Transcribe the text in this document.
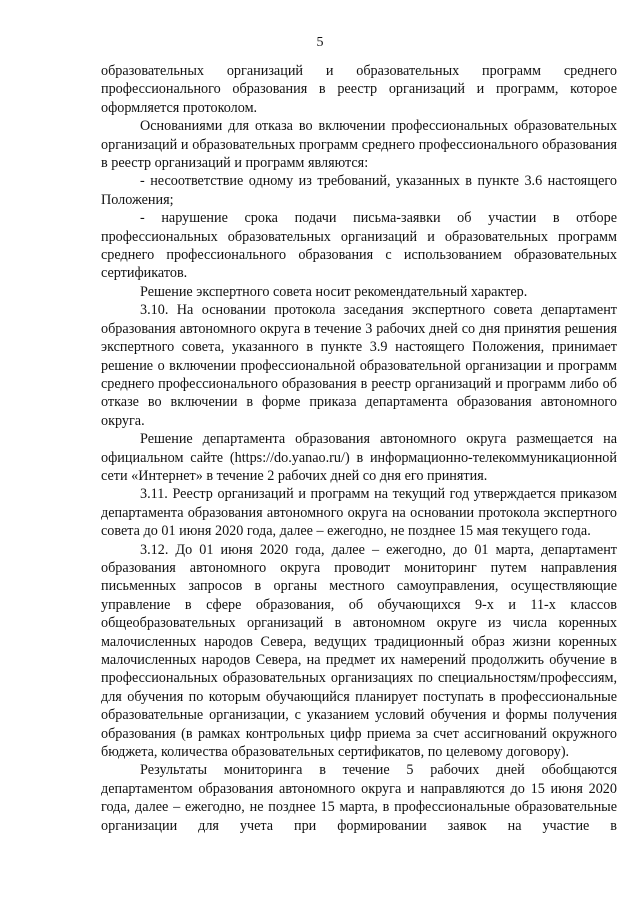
5

образовательных организаций и образовательных программ среднего профессионального образования в реестр организаций и программ, которое оформляется протоколом.

Основаниями для отказа во включении профессиональных образовательных организаций и образовательных программ среднего профессионального образования в реестр организаций и программ являются:

- несоответствие одному из требований, указанных в пункте 3.6 настоящего Положения;

- нарушение срока подачи письма-заявки об участии в отборе профессиональных образовательных организаций и образовательных программ среднего профессионального образования с использованием образовательных сертификатов.

Решение экспертного совета носит рекомендательный характер.

3.10. На основании протокола заседания экспертного совета департамент образования автономного округа в течение 3 рабочих дней со дня принятия решения экспертного совета, указанного в пункте 3.9 настоящего Положения, принимает решение о включении профессиональной образовательной организации и программ среднего профессионального образования в реестр организаций и программ либо об отказе во включении в форме приказа департамента образования автономного округа.

Решение департамента образования автономного округа размещается на официальном сайте (https://do.yanao.ru/) в информационно-телекоммуникационной сети «Интернет» в течение 2 рабочих дней со дня его принятия.

3.11. Реестр организаций и программ на текущий год утверждается приказом департамента образования автономного округа на основании протокола экспертного совета до 01 июня 2020 года, далее – ежегодно, не позднее 15 мая текущего года.

3.12. До 01 июня 2020 года, далее – ежегодно, до 01 марта, департамент образования автономного округа проводит мониторинг путем направления письменных запросов в органы местного самоуправления, осуществляющие управление в сфере образования, об обучающихся 9-х и 11-х классов общеобразовательных организаций в автономном округе из числа коренных малочисленных народов Севера, ведущих традиционный образ жизни коренных малочисленных народов Севера, на предмет их намерений продолжить обучение в профессиональных образовательных организациях по специальностям/профессиям, для обучения по которым обучающийся планирует поступать в профессиональные образовательные организации, с указанием условий обучения и формы получения образования (в рамках контрольных цифр приема за счет ассигнований окружного бюджета, количества образовательных сертификатов, по целевому договору).

Результаты мониторинга в течение 5 рабочих дней обобщаются департаментом образования автономного округа и направляются до 15 июня 2020 года, далее – ежегодно, не позднее 15 марта, в профессиональные образовательные организации для учета при формировании заявок на участие в
